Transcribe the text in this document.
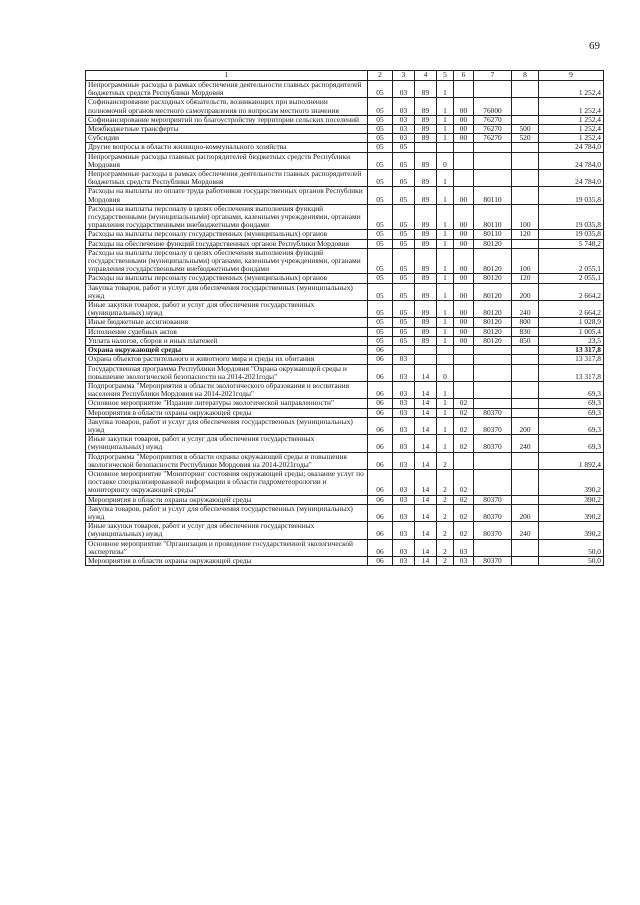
69
1	2	3	4	5	6	7	8	9
Непрограммные расходы в рамках обеспечения деятельности главных распорядителей бюджетных средств Республики Мордовия	05	03	89	1				1 252,4
Софинансирование расходных обязательств, возникающих при выполнении полномочий органов местного самоуправления по вопросам местного значения	05	03	89	1	00	76000		1 252,4
Софинансирование мероприятий по благоустройству территории сельских поселений	05	03	89	1	00	76270		1 252,4
Межбюджетные трансферты	05	03	89	1	00	76270	500	1 252,4
Субсидии	05	03	89	1	00	76270	520	1 252,4
Другие вопросы в области жилищно-коммунального хозяйства	05	05						24 784,0
Непрограммные расходы главных распорядителей бюджетных средств Республики Мордовия	05	05	89	0				24 784,0
Непрограммные расходы в рамках обеспечения деятельности главных распорядителей бюджетных средств Республики Мордовия	05	05	89	1				24 784,0
Расходы на выплаты по оплате труда работников государственных органов Республики Мордовия	05	05	89	1	00	80110		19 035,8
Расходы на выплаты персоналу в целях обеспечения выполнения функций государственными (муниципальными) органами, казенными учреждениями, органами управления государственными внебюджетными фондами	05	05	89	1	00	80110	100	19 035,8
Расходы на выплаты персоналу государственных (муниципальных) органов	05	05	89	1	00	80110	120	19 035,8
Расходы на обеспечение функций государственных органов Республики Мордовия	05	05	89	1	00	80120		5 748,2
Расходы на выплаты персоналу в целях обеспечения выполнения функций государственными (муниципальными) органами, казенными учреждениями, органами управления государственными внебюджетными фондами	05	05	89	1	00	80120	100	2 055,1
Расходы на выплаты персоналу государственных (муниципальных) органов	05	05	89	1	00	80120	120	2 055,1
Закупка товаров, работ и услуг для обеспечения государственных (муниципальных) нужд	05	05	89	1	00	80120	200	2 664,2
Иные закупки товаров, работ и услуг для обеспечения государственных (муниципальных) нужд	05	05	89	1	00	80120	240	2 664,2
Иные бюджетные ассигнования	05	05	89	1	00	80120	800	1 028,9
Исполнение судебных актов	05	05	89	1	00	80120	830	1 005,4
Уплата налогов, сборов и иных платежей	05	05	89	1	00	80120	850	23,5
Охрана окружающей среды	06							13 317,8
Охрана объектов растительного и животного мира и среды их обитания	06	03						13 317,8
Государственная программа Республики Мордовия "Охрана окружающей среды и повышение экологической безопасности на 2014-2021годы"	06	03	14	0				13 317,8
Подпрограмма "Мероприятия в области экологического образования и воспитания населения Республики Мордовия на 2014-2021годы"	06	03	14	1				69,3
Основное мероприятие "Издание литературы экологической направленности"	06	03	14	1	02			69,3
Мероприятия в области охраны окружающей среды	06	03	14	1	02	80370		69,3
Закупка товаров, работ и услуг для обеспечения государственных (муниципальных) нужд	06	03	14	1	02	80370	200	69,3
Иные закупки товаров, работ и услуг для обеспечения государственных (муниципальных) нужд	06	03	14	1	02	80370	240	69,3
Подпрограмма "Мероприятия в области охраны окружающей среды и повышения экологической безопасности Республики Мордовия на 2014-2021годы"	06	03	14	2				1 892,4
Основное мероприятие "Мониторинг состояния окружающей среды; оказание услуг по поставке специализированной информации в области гидрометеорологии и мониторингу окружающей среды"	06	03	14	2	02			390,2
Мероприятия в области охраны окружающей среды	06	03	14	2	02	80370		390,2
Закупка товаров, работ и услуг для обеспечения государственных (муниципальных) нужд	06	03	14	2	02	80370	200	390,2
Иные закупки товаров, работ и услуг для обеспечения государственных (муниципальных) нужд	06	03	14	2	02	80370	240	390,2
Основное мероприятие "Организация и проведение государственной экологической экспертизы"	06	03	14	2	03			50,0
Мероприятия в области охраны окружающей среды	06	03	14	2	03	80370		50,0
